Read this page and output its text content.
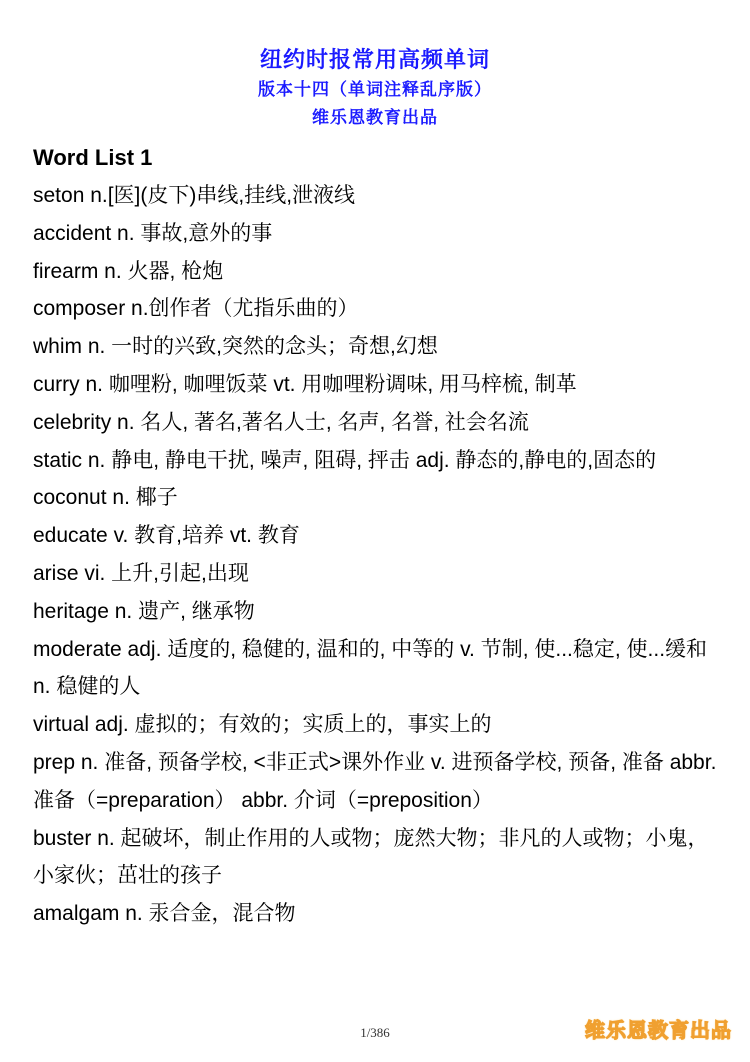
纽约时报常用高频单词
版本十四（单词注释乱序版）
维乐恩教育出品

Word List 1

seton n.[医](皮下)串线,挂线,泄液线

accident n. 事故,意外的事

firearm n. 火器, 枪炮

composer n.创作者（尤指乐曲的）

whim n. 一时的兴致,突然的念头；奇想,幻想

curry n. 咖哩粉, 咖哩饭菜 vt. 用咖哩粉调味, 用马梓梳, 制革

celebrity n. 名人, 著名,著名人士, 名声, 名誉, 社会名流

static n. 静电, 静电干扰, 噪声, 阻碍, 抨击 adj. 静态的,静电的,固态的

coconut n. 椰子

educate v. 教育,培养 vt. 教育

arise vi. 上升,引起,出现

heritage n. 遗产, 继承物

moderate adj. 适度的, 稳健的, 温和的, 中等的 v. 节制, 使...稳定, 使...缓和 n. 稳健的人

virtual adj. 虚拟的；有效的；实质上的，事实上的

prep n. 准备, 预备学校, <非正式>课外作业 v. 进预备学校, 预备, 准备 abbr. 准备（=preparation） abbr. 介词（=preposition）

buster n. 起破坏，制止作用的人或物；庞然大物；非凡的人或物；小鬼，小家伙；茁壮的孩子

amalgam n. 汞合金，混合物

1/386	维乐恩教育出品
